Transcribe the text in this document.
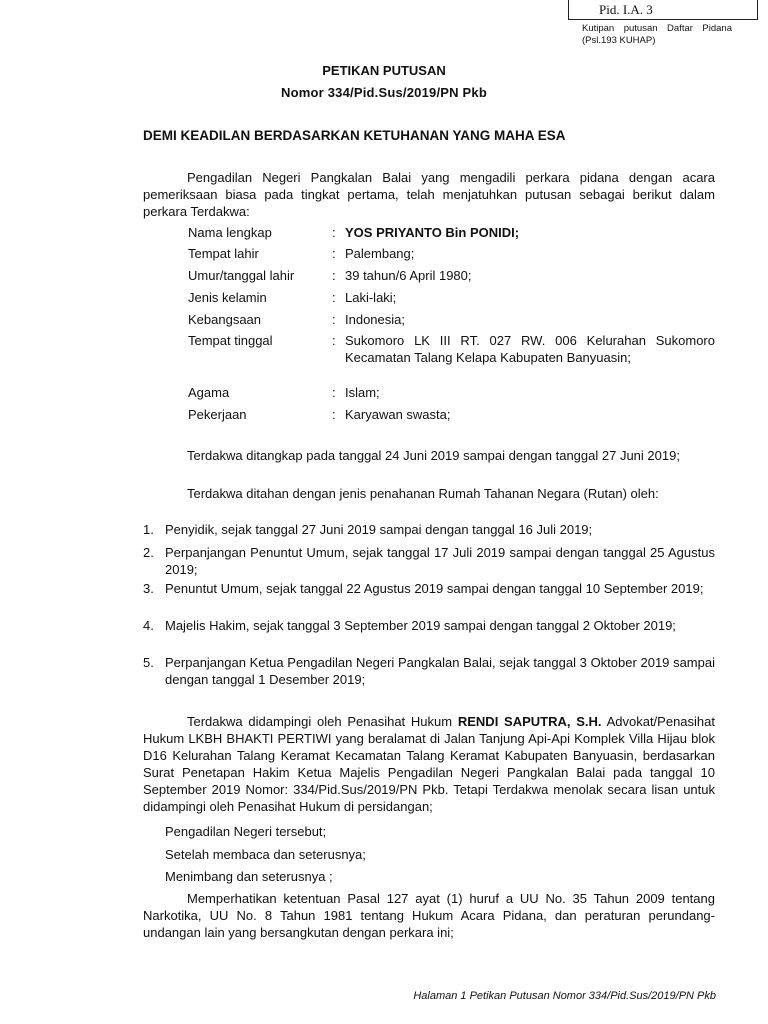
Pid. I.A. 3
Kutipan putusan Daftar Pidana (Psl.193 KUHAP)
PETIKAN PUTUSAN
Nomor 334/Pid.Sus/2019/PN Pkb
DEMI KEADILAN BERDASARKAN KETUHANAN YANG MAHA ESA

Pengadilan Negeri Pangkalan Balai yang mengadili perkara pidana dengan acara pemeriksaan biasa pada tingkat pertama, telah menjatuhkan putusan sebagai berikut dalam perkara Terdakwa:

Nama lengkap	: YOS PRIYANTO Bin PONIDI;
Tempat lahir	: Palembang;
Umur/tanggal lahir	: 39 tahun/6 April 1980;
Jenis kelamin	: Laki-laki;
Kebangsaan	: Indonesia;
Tempat tinggal	: Sukomoro LK III RT. 027 RW. 006 Kelurahan Sukomoro Kecamatan Talang Kelapa Kabupaten Banyuasin;
Agama	: Islam;
Pekerjaan	: Karyawan swasta;

Terdakwa ditangkap pada tanggal 24 Juni 2019 sampai dengan tanggal 27 Juni 2019;

Terdakwa ditahan dengan jenis penahanan Rumah Tahanan Negara (Rutan) oleh:

1. Penyidik, sejak tanggal 27 Juni 2019 sampai dengan tanggal 16 Juli 2019;
2. Perpanjangan Penuntut Umum, sejak tanggal 17 Juli 2019 sampai dengan tanggal 25 Agustus 2019;
3. Penuntut Umum, sejak tanggal 22 Agustus 2019 sampai dengan tanggal 10 September 2019;
4. Majelis Hakim, sejak tanggal 3 September 2019 sampai dengan tanggal 2 Oktober 2019;
5. Perpanjangan Ketua Pengadilan Negeri Pangkalan Balai, sejak tanggal 3 Oktober 2019 sampai dengan tanggal 1 Desember 2019;

Terdakwa didampingi oleh Penasihat Hukum RENDI SAPUTRA, S.H. Advokat/Penasihat Hukum LKBH BHAKTI PERTIWI yang beralamat di Jalan Tanjung Api-Api Komplek Villa Hijau blok D16 Kelurahan Talang Keramat Kecamatan Talang Keramat Kabupaten Banyuasin, berdasarkan Surat Penetapan Hakim Ketua Majelis Pengadilan Negeri Pangkalan Balai pada tanggal 10 September 2019 Nomor: 334/Pid.Sus/2019/PN Pkb. Tetapi Terdakwa menolak secara lisan untuk didampingi oleh Penasihat Hukum di persidangan;

Pengadilan Negeri tersebut;
Setelah membaca dan seterusnya;
Menimbang dan seterusnya ;

Memperhatikan ketentuan Pasal 127 ayat (1) huruf a UU No. 35 Tahun 2009 tentang Narkotika, UU No. 8 Tahun 1981 tentang Hukum Acara Pidana, dan peraturan perundang-undangan lain yang bersangkutan dengan perkara ini;

Halaman 1 Petikan Putusan Nomor 334/Pid.Sus/2019/PN Pkb
